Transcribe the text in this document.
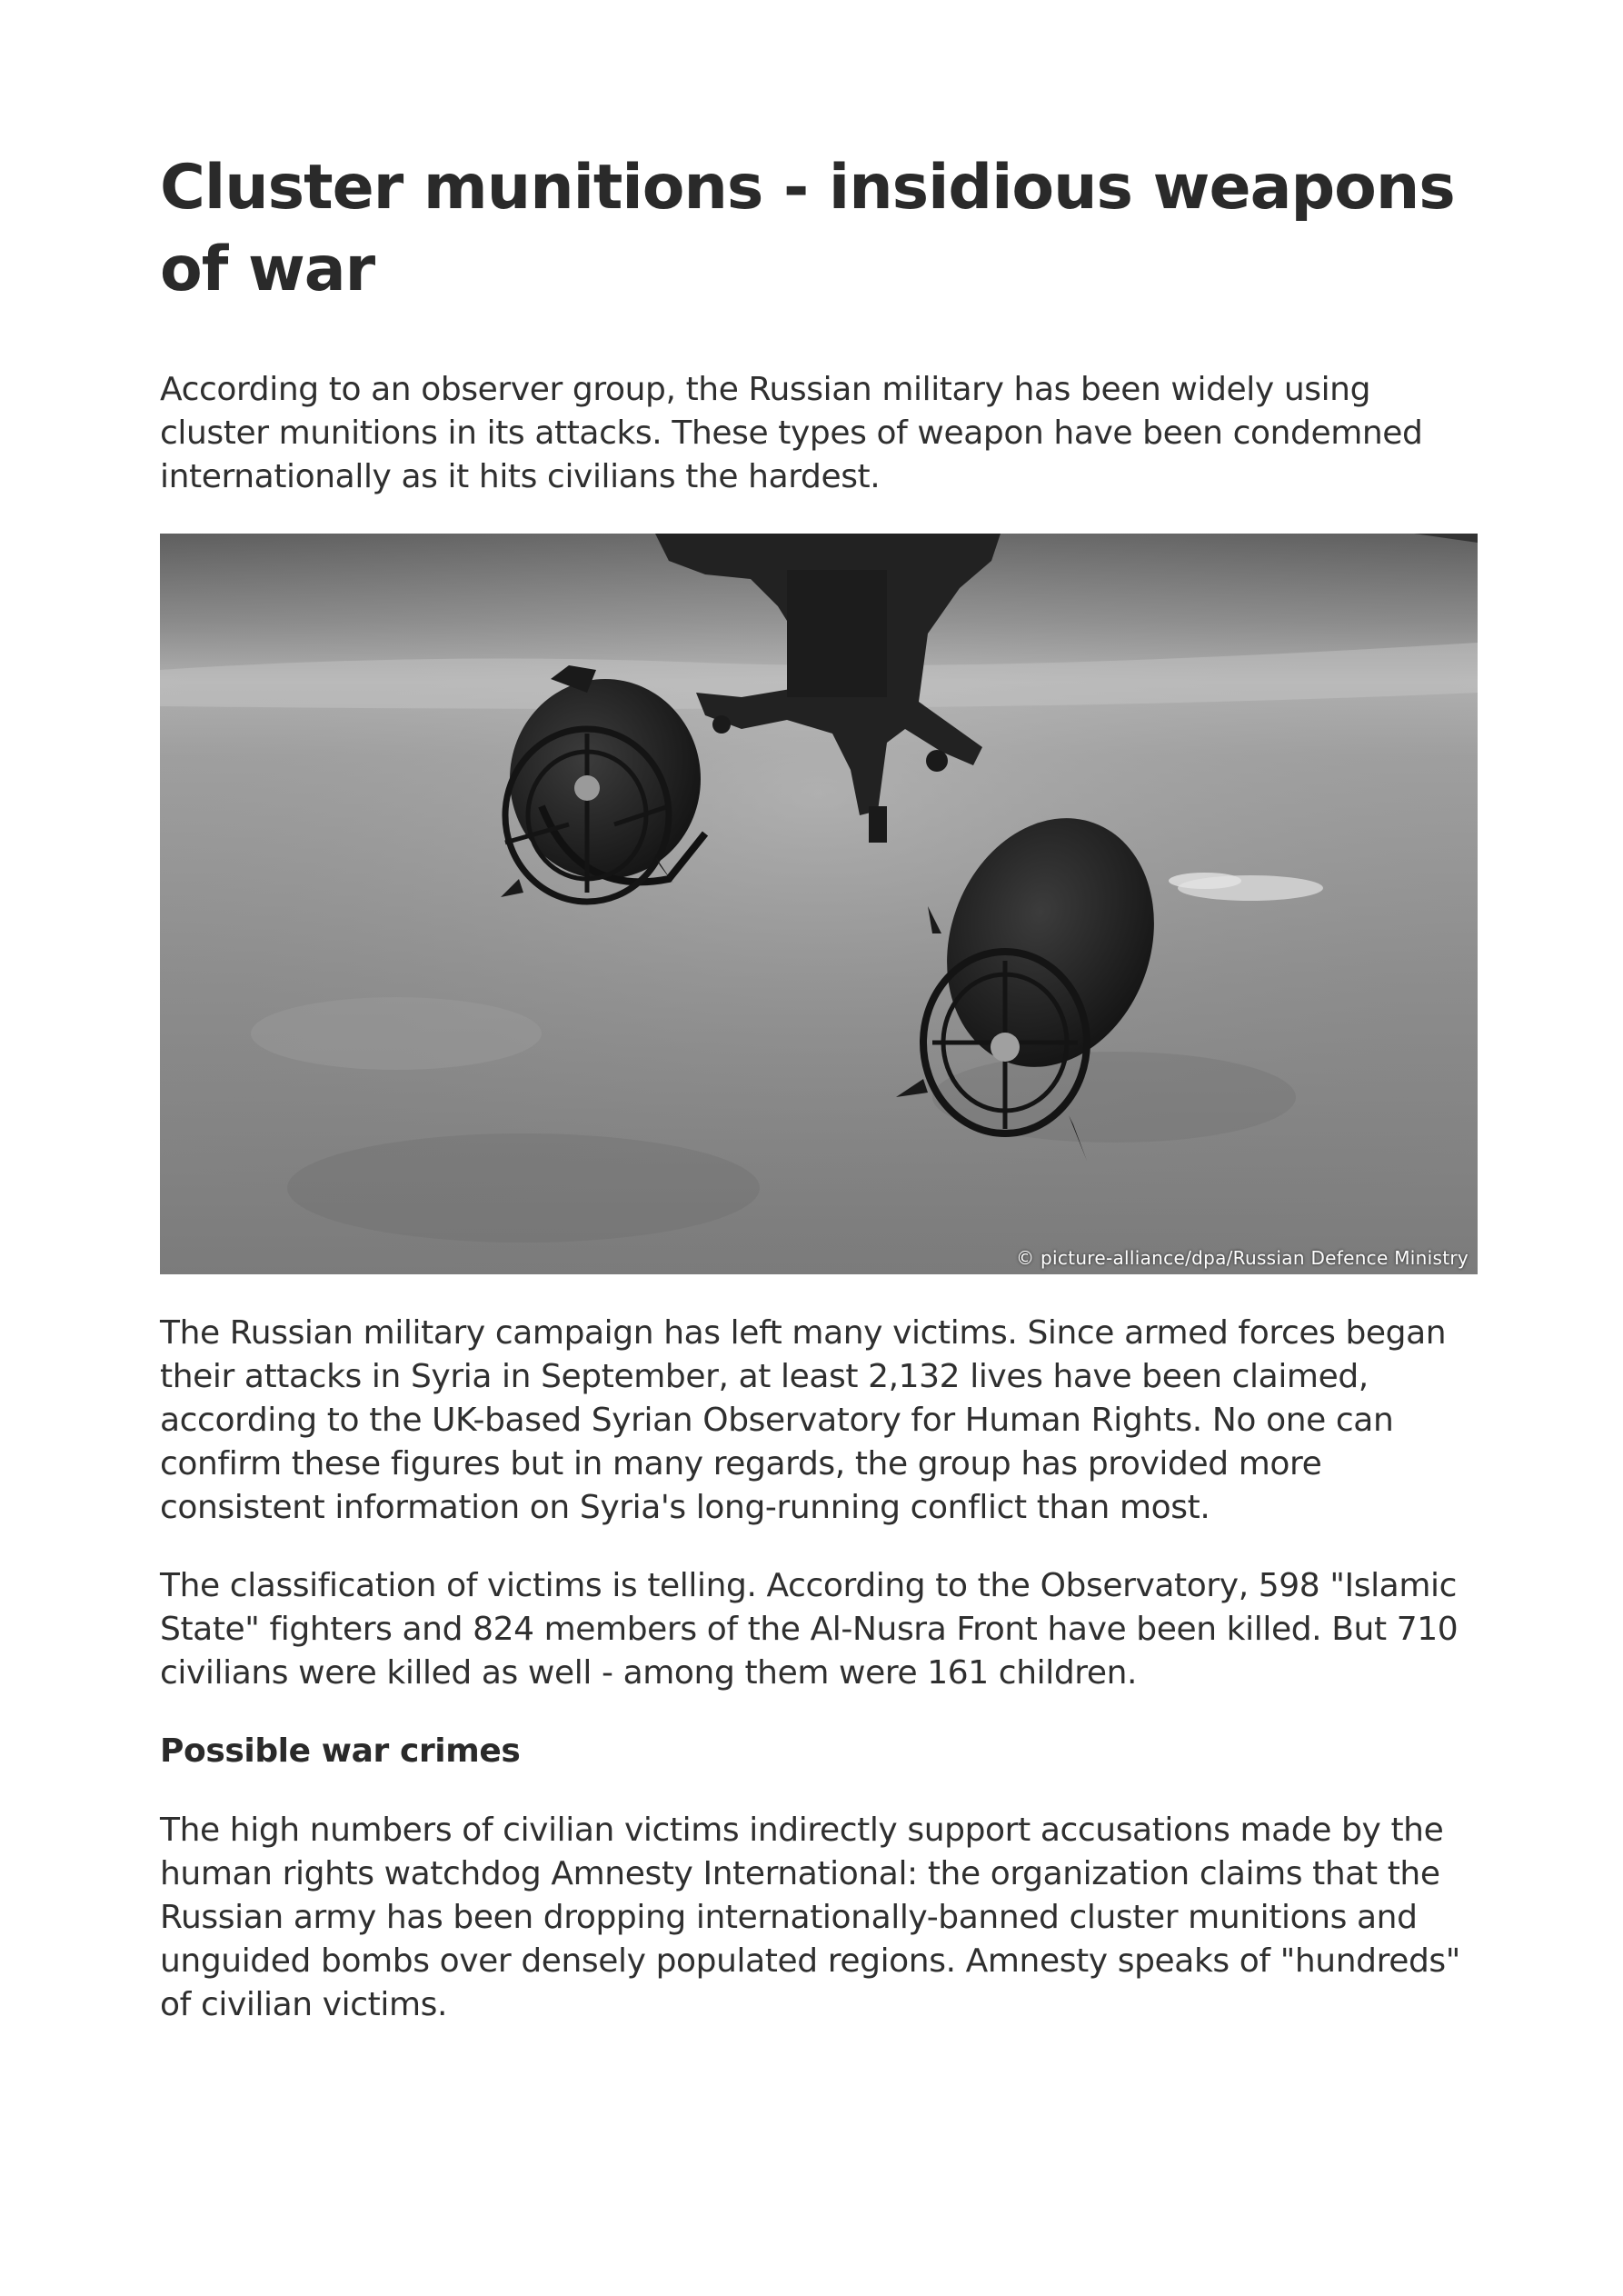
Cluster munitions - insidious weapons of war

According to an observer group, the Russian military has been widely using cluster munitions in its attacks. These types of weapon have been condemned internationally as it hits civilians the hardest.

© picture-alliance/dpa/Russian Defence Ministry

The Russian military campaign has left many victims. Since armed forces began their attacks in Syria in September, at least 2,132 lives have been claimed, according to the UK-based Syrian Observatory for Human Rights. No one can confirm these figures but in many regards, the group has provided more consistent information on Syria's long-running conflict than most.

The classification of victims is telling. According to the Observatory, 598 "Islamic State" fighters and 824 members of the Al-Nusra Front have been killed. But 710 civilians were killed as well - among them were 161 children.

Possible war crimes

The high numbers of civilian victims indirectly support accusations made by the human rights watchdog Amnesty International: the organization claims that the Russian army has been dropping internationally-banned cluster munitions and unguided bombs over densely populated regions. Amnesty speaks of "hundreds" of civilian victims.
